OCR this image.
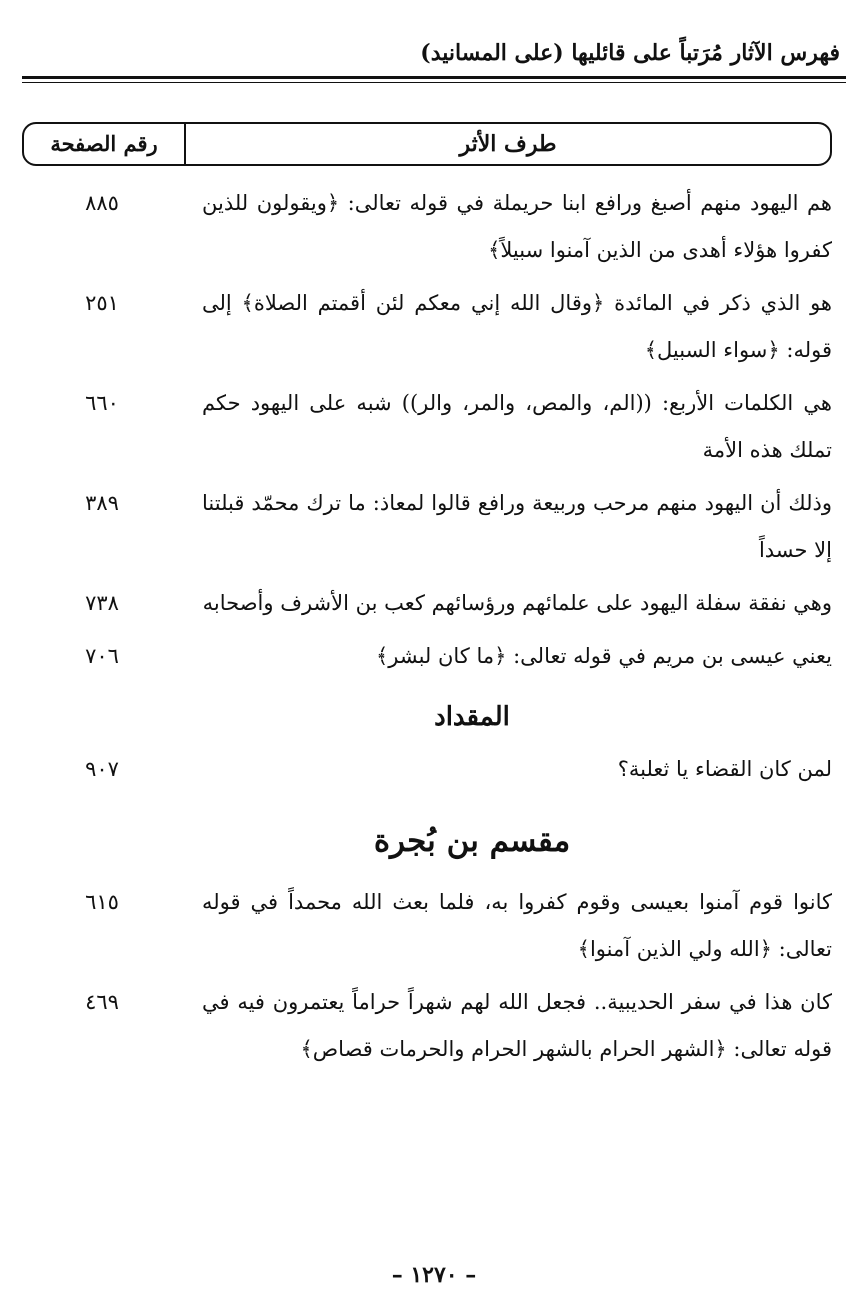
فهرس الآثار مُرَتباً على قائليها (على المسانيد)
طرف الأثر
رقم الصفحة
هم اليهود منهم أصبغ ورافع ابنا حريملة في قوله تعالى: ﴿ويقولون للذين كفروا هؤلاء أهدى من الذين آمنوا سبيلاً﴾
٨٨٥
هو الذي ذكر في المائدة ﴿وقال الله إني معكم لئن أقمتم الصلاة﴾ إلى قوله: ﴿سواء السبيل﴾
٢٥١
هي الكلمات الأربع: ((الم، والمص، والمر، والر)) شبه على اليهود حكم تملك هذه الأمة
٦٦٠
وذلك أن اليهود منهم مرحب وربيعة ورافع قالوا لمعاذ: ما ترك محمّد قبلتنا إلا حسداً
٣٨٩
وهي نفقة سفلة اليهود على علمائهم ورؤسائهم كعب بن الأشرف وأصحابه
٧٣٨
يعني عيسى بن مريم في قوله تعالى: ﴿ما كان لبشر﴾
٧٠٦
المقداد
لمن كان القضاء يا ثعلبة؟
٩٠٧
مقسم بن بُجرة
كانوا قوم آمنوا بعيسى وقوم كفروا به، فلما بعث الله محمداً في قوله تعالى: ﴿الله ولي الذين آمنوا﴾
٦١٥
كان هذا في سفر الحديبية.. فجعل الله لهم شهراً حراماً يعتمرون فيه في قوله تعالى: ﴿الشهر الحرام بالشهر الحرام والحرمات قصاص﴾
٤٦٩
– ١٢٧٠ –
